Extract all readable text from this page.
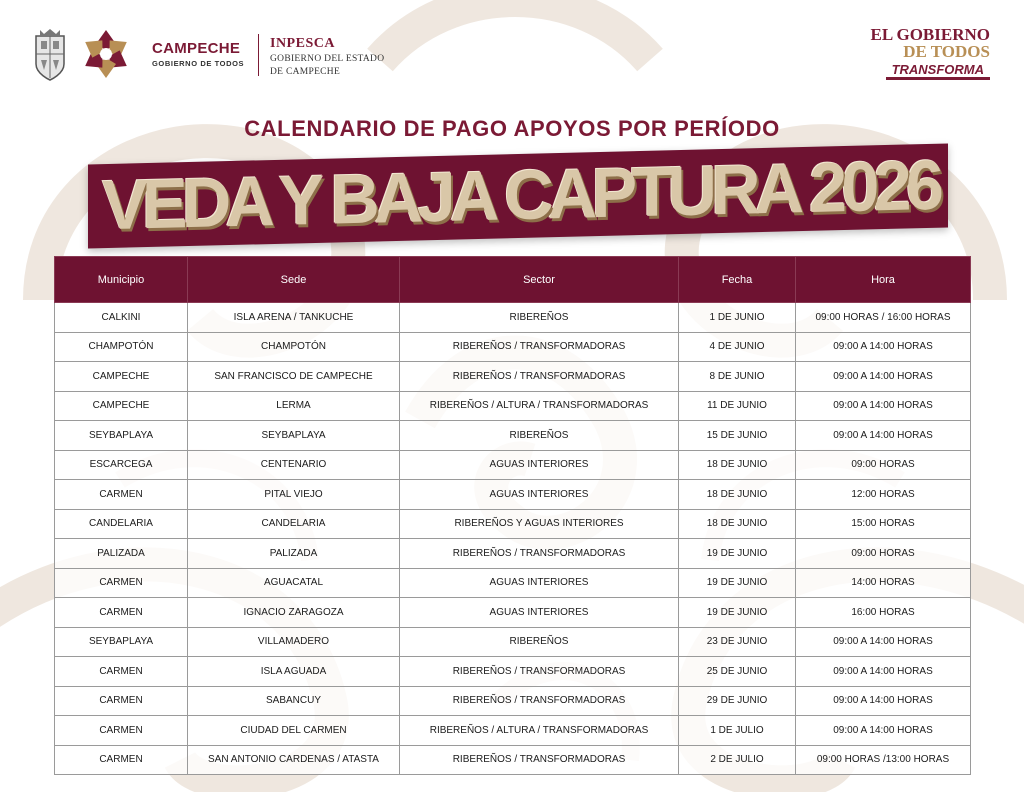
CAMPECHE
GOBIERNO DE TODOS
INPESCA
GOBIERNO DEL ESTADO
DE CAMPECHE
EL GOBIERNO
DE TODOS
TRANSFORMA
CALENDARIO DE PAGO APOYOS POR PERÍODO
VEDA Y BAJA CAPTURA 2026
Municipio	Sede	Sector	Fecha	Hora
CALKINI	ISLA ARENA / TANKUCHE	RIBEREÑOS	1 DE JUNIO	09:00 HORAS / 16:00 HORAS
CHAMPOTÓN	CHAMPOTÓN	RIBEREÑOS / TRANSFORMADORAS	4 DE JUNIO	09:00 A 14:00 HORAS
CAMPECHE	SAN FRANCISCO DE CAMPECHE	RIBEREÑOS / TRANSFORMADORAS	8 DE JUNIO	09:00 A 14:00 HORAS
CAMPECHE	LERMA	RIBEREÑOS / ALTURA / TRANSFORMADORAS	11 DE JUNIO	09:00 A 14:00 HORAS
SEYBAPLAYA	SEYBAPLAYA	RIBEREÑOS	15 DE JUNIO	09:00 A 14:00 HORAS
ESCARCEGA	CENTENARIO	AGUAS INTERIORES	18 DE JUNIO	09:00 HORAS
CARMEN	PITAL VIEJO	AGUAS INTERIORES	18 DE JUNIO	12:00 HORAS
CANDELARIA	CANDELARIA	RIBEREÑOS Y AGUAS INTERIORES	18 DE JUNIO	15:00 HORAS
PALIZADA	PALIZADA	RIBEREÑOS / TRANSFORMADORAS	19 DE JUNIO	09:00 HORAS
CARMEN	AGUACATAL	AGUAS INTERIORES	19 DE JUNIO	14:00 HORAS
CARMEN	IGNACIO ZARAGOZA	AGUAS INTERIORES	19 DE JUNIO	16:00 HORAS
SEYBAPLAYA	VILLAMADERO	RIBEREÑOS	23 DE JUNIO	09:00 A 14:00 HORAS
CARMEN	ISLA AGUADA	RIBEREÑOS / TRANSFORMADORAS	25 DE JUNIO	09:00 A 14:00 HORAS
CARMEN	SABANCUY	RIBEREÑOS / TRANSFORMADORAS	29 DE JUNIO	09:00 A 14:00 HORAS
CARMEN	CIUDAD DEL CARMEN	RIBEREÑOS / ALTURA / TRANSFORMADORAS	1 DE JULIO	09:00 A 14:00 HORAS
CARMEN	SAN ANTONIO CARDENAS / ATASTA	RIBEREÑOS / TRANSFORMADORAS	2 DE JULIO	09:00 HORAS /13:00 HORAS
